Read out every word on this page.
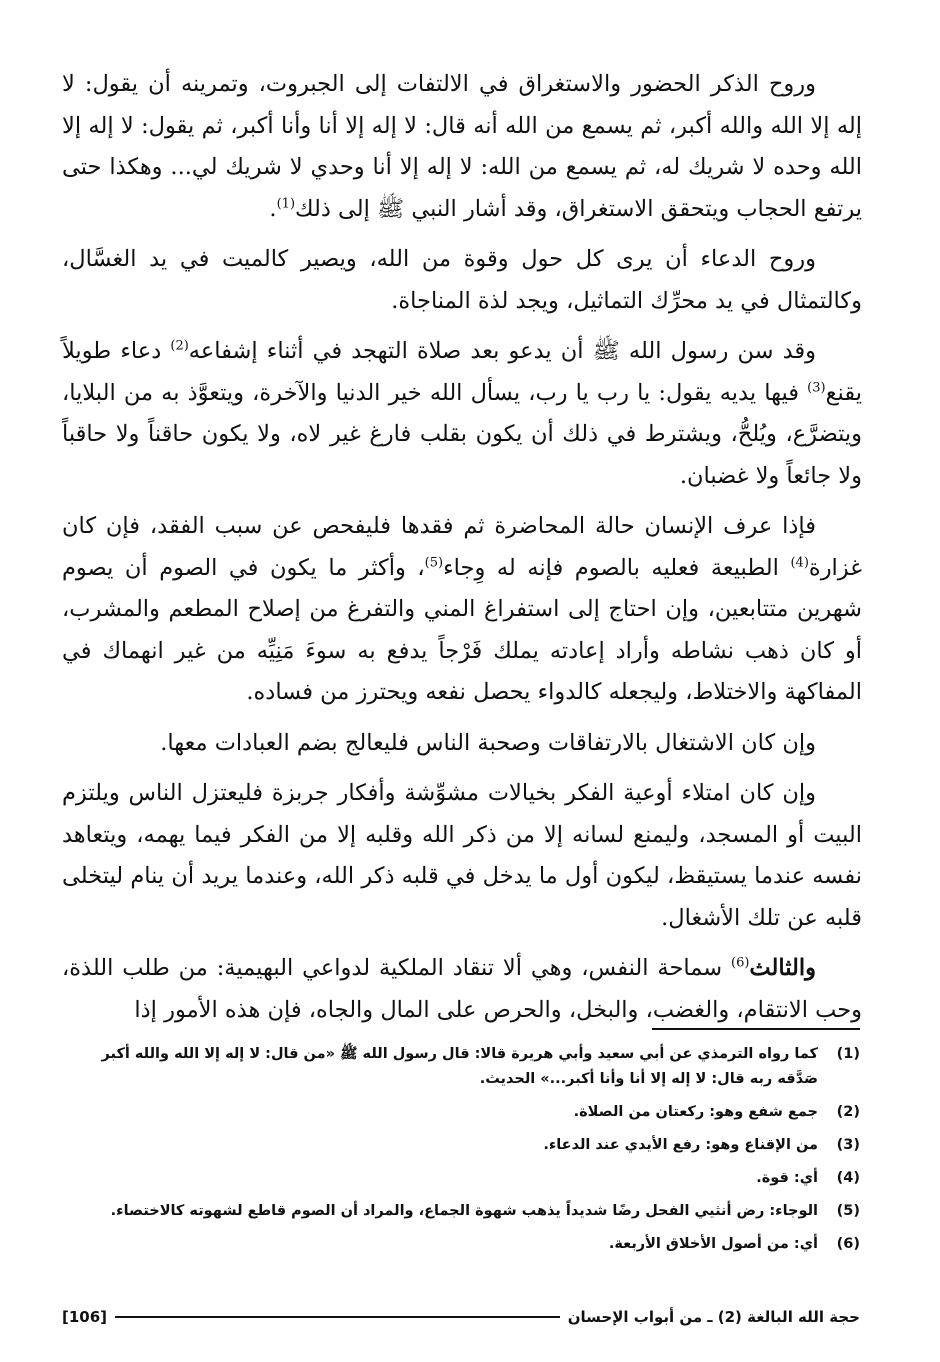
وروح الذكر الحضور والاستغراق في الالتفات إلى الجبروت، وتمرينه أن يقول: لا إله إلا الله والله أكبر، ثم يسمع من الله أنه قال: لا إله إلا أنا وأنا أكبر، ثم يقول: لا إله إلا الله وحده لا شريك له، ثم يسمع من الله: لا إله إلا أنا وحدي لا شريك لي... وهكذا حتى يرتفع الحجاب ويتحقق الاستغراق، وقد أشار النبي ﷺ إلى ذلك$^{(1)}$.

وروح الدعاء أن يرى كل حول وقوة من الله، ويصير كالميت في يد الغسَّال، وكالتمثال في يد محرِّك التماثيل، ويجد لذة المناجاة.

وقد سن رسول الله ﷺ أن يدعو بعد صلاة التهجد في أثناء إشفاعه$^{(2)}$ دعاء طويلاً يقنع$^{(3)}$ فيها يديه يقول: يا رب يا رب، يسأل الله خير الدنيا والآخرة، ويتعوَّذ به من البلايا، ويتضرَّع، ويُلحُّ، ويشترط في ذلك أن يكون بقلب فارغ غير لاه، ولا يكون حاقناً ولا حاقباً ولا جائعاً ولا غضبان.

فإذا عرف الإنسان حالة المحاضرة ثم فقدها فليفحص عن سبب الفقد، فإن كان غزارة$^{(4)}$ الطبيعة فعليه بالصوم فإنه له وِجاء$^{(5)}$، وأكثر ما يكون في الصوم أن يصوم شهرين متتابعين، وإن احتاج إلى استفراغ المني والتفرغ من إصلاح المطعم والمشرب، أو كان ذهب نشاطه وأراد إعادته يملك فَرْجاً يدفع به سوءَ مَنِيِّه من غير انهماك في المفاكهة والاختلاط، وليجعله كالدواء يحصل نفعه ويحترز من فساده.

وإن كان الاشتغال بالارتفاقات وصحبة الناس فليعالج بضم العبادات معها.

وإن كان امتلاء أوعية الفكر بخيالات مشوِّشة وأفكار جربزة فليعتزل الناس ويلتزم البيت أو المسجد، وليمنع لسانه إلا من ذكر الله وقلبه إلا من الفكر فيما يهمه، ويتعاهد نفسه عندما يستيقظ، ليكون أول ما يدخل في قلبه ذكر الله، وعندما يريد أن ينام ليتخلى قلبه عن تلك الأشغال.

والثالث$^{(6)}$ سماحة النفس، وهي ألا تنقاد الملكية لدواعي البهيمية: من طلب اللذة، وحب الانتقام، والغضب، والبخل، والحرص على المال والجاه، فإن هذه الأمور إذا

(1)
كما رواه الترمذي عن أبي سعيد وأبي هريرة قالا: قال رسول الله ﷺ «من قال: لا إله إلا الله والله أكبر صَدَّقه ربه قال: لا إله إلا أنا وأنا أكبر...» الحديث.
(2)
جمع شفع وهو: ركعتان من الصلاة.
(3)
من الإقناع وهو: رفع الأيدي عند الدعاء.
(4)
أي: قوة.
(5)
الوجاء: رض أنثيي الفحل رضًا شديداً يذهب شهوة الجماع، والمراد أن الصوم قاطع لشهوته كالاختصاء.
(6)
أي: من أصول الأخلاق الأربعة.
حجة الله البالغة (2) ـ من أبواب الإحسان
[106]
